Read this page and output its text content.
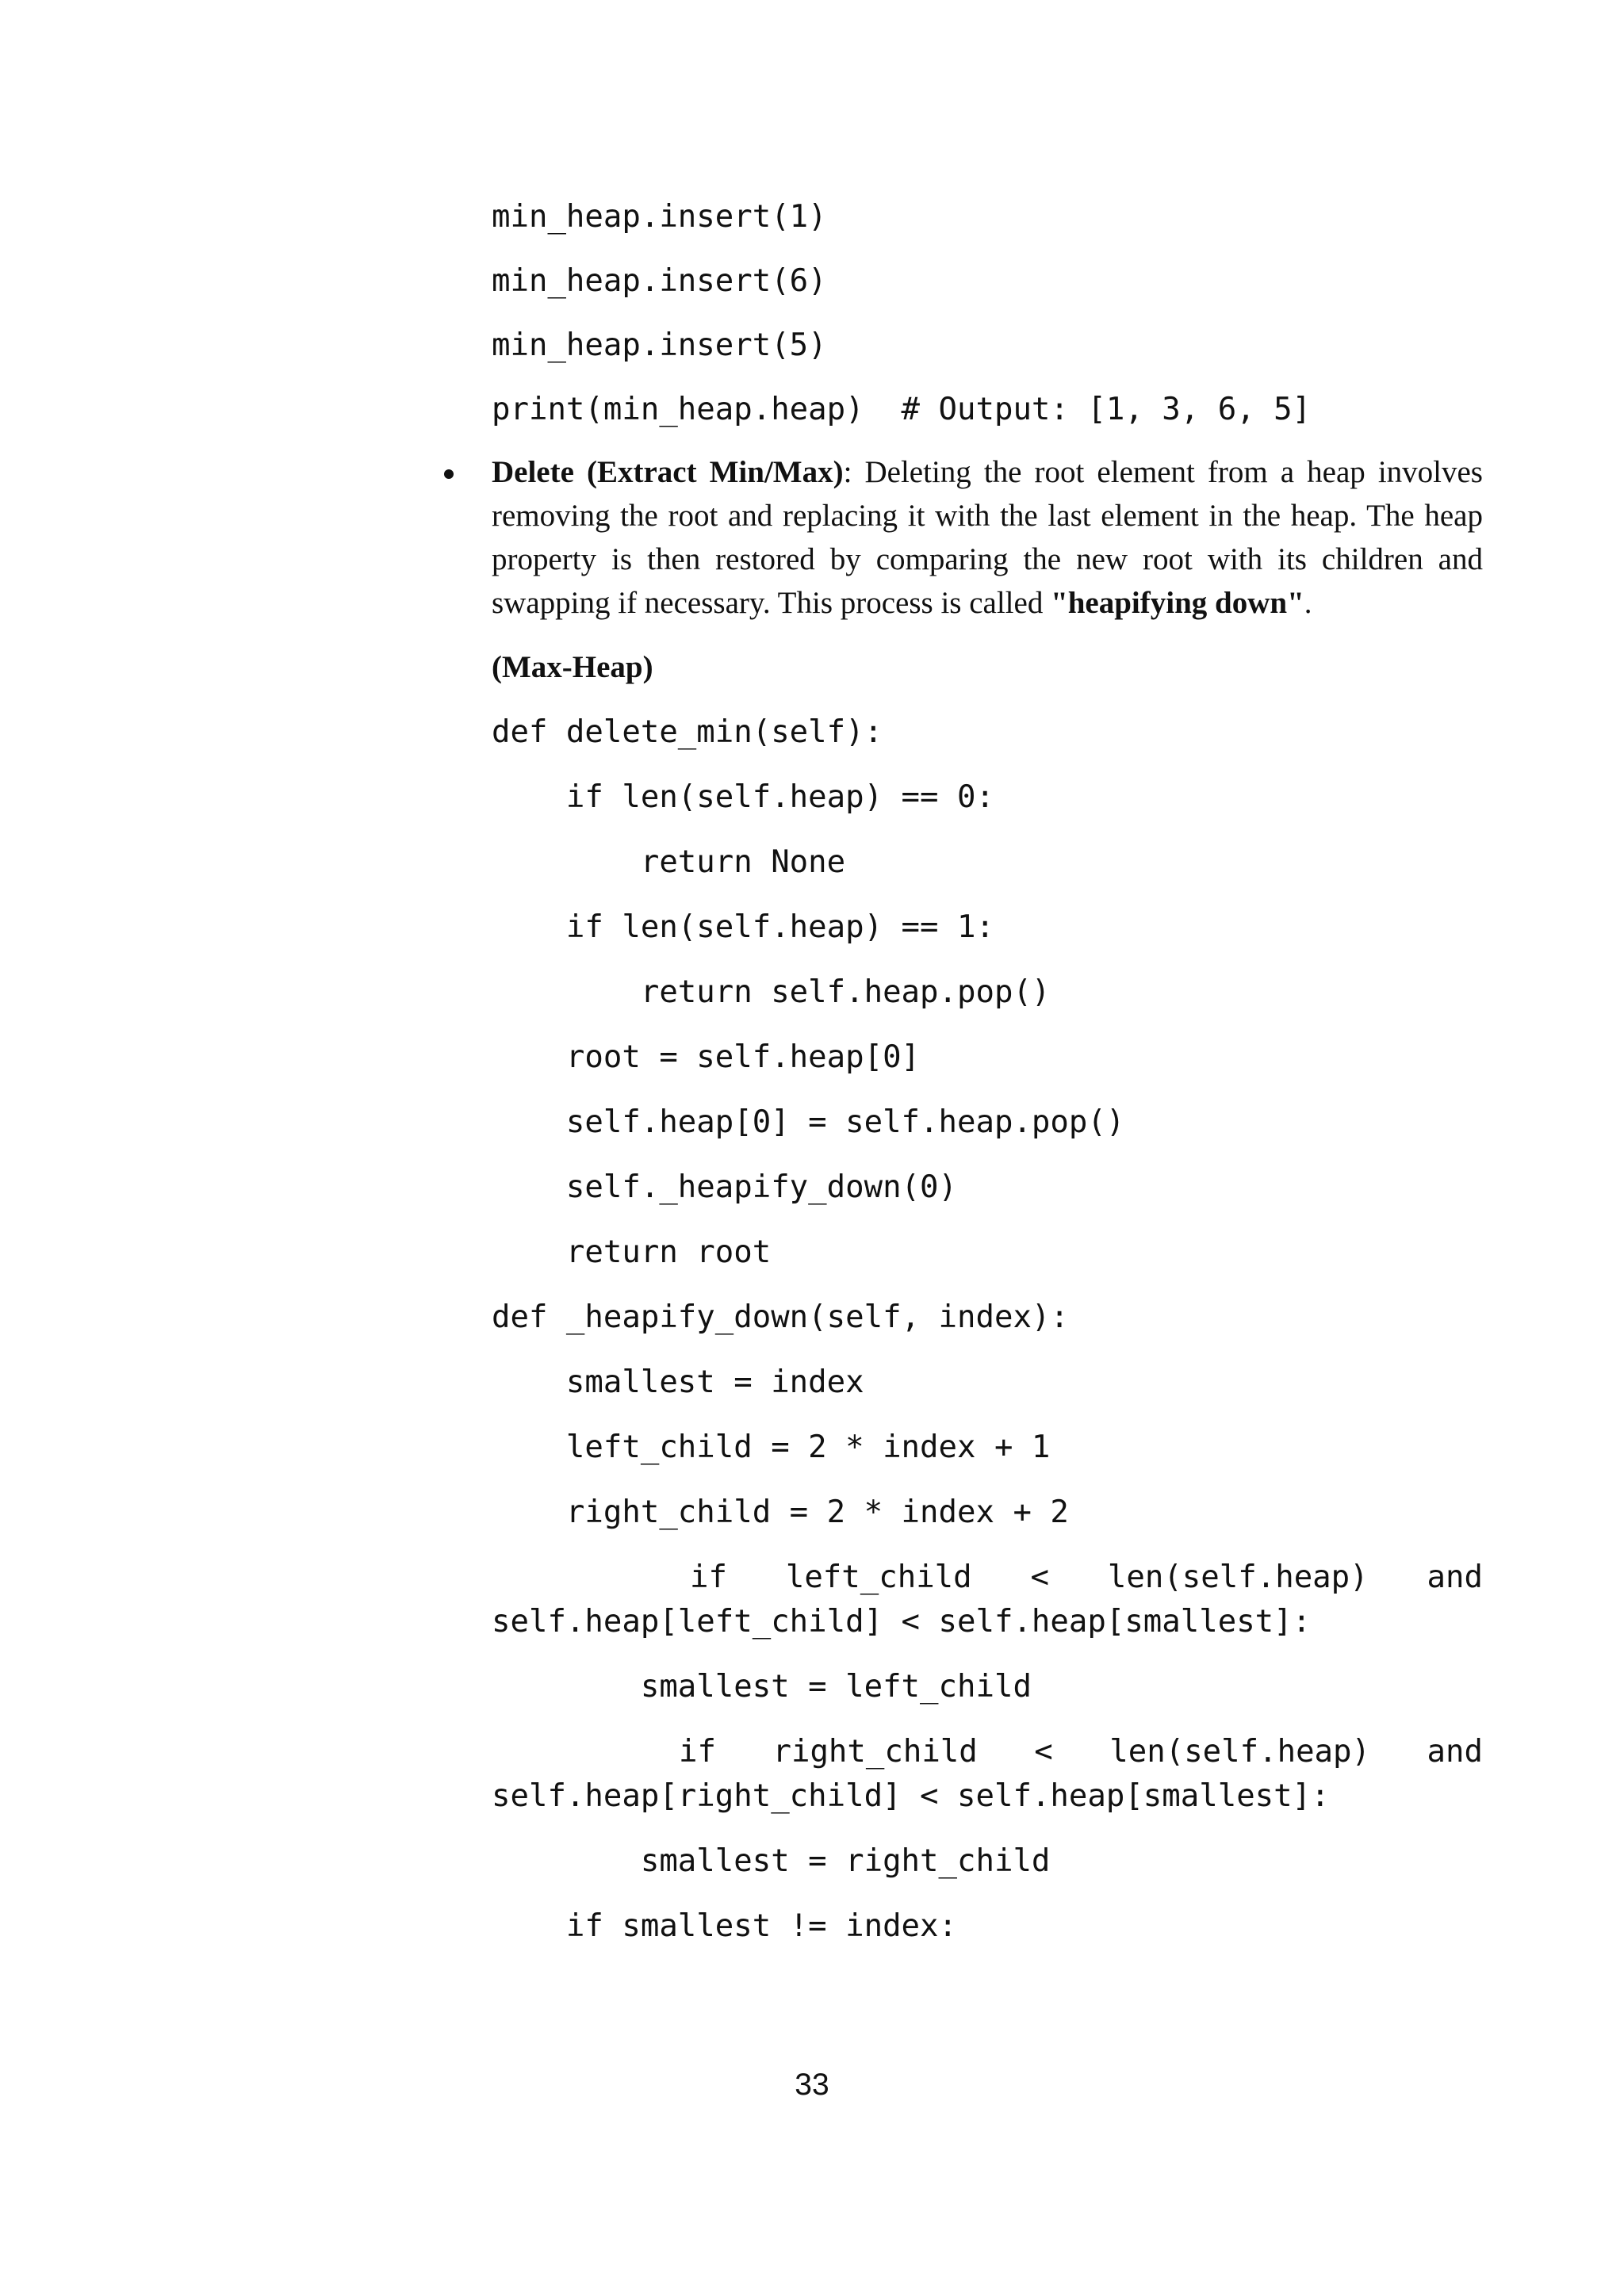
min_heap.insert(1)
min_heap.insert(6)
min_heap.insert(5)
print(min_heap.heap)  # Output: [1, 3, 6, 5]
Delete (Extract Min/Max): Deleting the root element from a heap involves removing the root and replacing it with the last element in the heap. The heap property is then restored by comparing the new root with its children and swapping if necessary. This process is called "heapifying down".
(Max-Heap)
def delete_min(self):
if len(self.heap) == 0:
return None
if len(self.heap) == 1:
return self.heap.pop()
root = self.heap[0]
self.heap[0] = self.heap.pop()
self._heapify_down(0)
return root
def _heapify_down(self, index):
smallest = index
left_child = 2 * index + 1
right_child = 2 * index + 2
if left_child < len(self.heap) and
self.heap[left_child] < self.heap[smallest]:
smallest = left_child
if right_child < len(self.heap) and
self.heap[right_child] < self.heap[smallest]:
smallest = right_child
if smallest != index:
33
